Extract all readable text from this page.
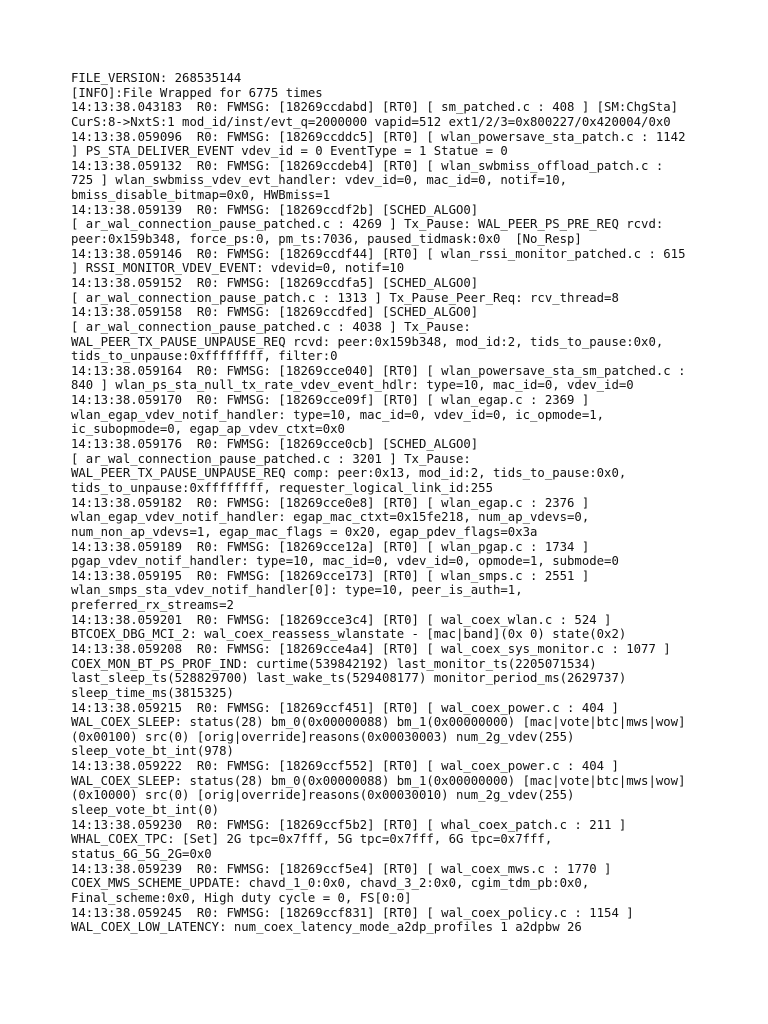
FILE_VERSION: 268535144
[INFO]:File Wrapped for 6775 times
14:13:38.043183  R0: FWMSG: [18269ccdabd] [RT0] [ sm_patched.c : 408 ] [SM:ChgSta]
CurS:8->NxtS:1 mod_id/inst/evt_q=2000000 vapid=512 ext1/2/3=0x800227/0x420004/0x0
14:13:38.059096  R0: FWMSG: [18269ccddc5] [RT0] [ wlan_powersave_sta_patch.c : 1142
] PS_STA_DELIVER_EVENT vdev_id = 0 EventType = 1 Statue = 0
14:13:38.059132  R0: FWMSG: [18269ccdeb4] [RT0] [ wlan_swbmiss_offload_patch.c :
725 ] wlan_swbmiss_vdev_evt_handler: vdev_id=0, mac_id=0, notif=10,
bmiss_disable_bitmap=0x0, HWBmiss=1
14:13:38.059139  R0: FWMSG: [18269ccdf2b] [SCHED_ALGO0]
[ ar_wal_connection_pause_patched.c : 4269 ] Tx_Pause: WAL_PEER_PS_PRE_REQ rcvd:
peer:0x159b348, force_ps:0, pm_ts:7036, paused_tidmask:0x0  [No_Resp]
14:13:38.059146  R0: FWMSG: [18269ccdf44] [RT0] [ wlan_rssi_monitor_patched.c : 615
] RSSI_MONITOR_VDEV_EVENT: vdevid=0, notif=10
14:13:38.059152  R0: FWMSG: [18269ccdfa5] [SCHED_ALGO0]
[ ar_wal_connection_pause_patch.c : 1313 ] Tx_Pause_Peer_Req: rcv_thread=8
14:13:38.059158  R0: FWMSG: [18269ccdfed] [SCHED_ALGO0]
[ ar_wal_connection_pause_patched.c : 4038 ] Tx_Pause:
WAL_PEER_TX_PAUSE_UNPAUSE_REQ rcvd: peer:0x159b348, mod_id:2, tids_to_pause:0x0,
tids_to_unpause:0xffffffff, filter:0
14:13:38.059164  R0: FWMSG: [18269cce040] [RT0] [ wlan_powersave_sta_sm_patched.c :
840 ] wlan_ps_sta_null_tx_rate_vdev_event_hdlr: type=10, mac_id=0, vdev_id=0
14:13:38.059170  R0: FWMSG: [18269cce09f] [RT0] [ wlan_egap.c : 2369 ]
wlan_egap_vdev_notif_handler: type=10, mac_id=0, vdev_id=0, ic_opmode=1,
ic_subopmode=0, egap_ap_vdev_ctxt=0x0
14:13:38.059176  R0: FWMSG: [18269cce0cb] [SCHED_ALGO0]
[ ar_wal_connection_pause_patched.c : 3201 ] Tx_Pause:
WAL_PEER_TX_PAUSE_UNPAUSE_REQ comp: peer:0x13, mod_id:2, tids_to_pause:0x0,
tids_to_unpause:0xffffffff, requester_logical_link_id:255
14:13:38.059182  R0: FWMSG: [18269cce0e8] [RT0] [ wlan_egap.c : 2376 ]
wlan_egap_vdev_notif_handler: egap_mac_ctxt=0x15fe218, num_ap_vdevs=0,
num_non_ap_vdevs=1, egap_mac_flags = 0x20, egap_pdev_flags=0x3a
14:13:38.059189  R0: FWMSG: [18269cce12a] [RT0] [ wlan_pgap.c : 1734 ]
pgap_vdev_notif_handler: type=10, mac_id=0, vdev_id=0, opmode=1, submode=0
14:13:38.059195  R0: FWMSG: [18269cce173] [RT0] [ wlan_smps.c : 2551 ]
wlan_smps_sta_vdev_notif_handler[0]: type=10, peer_is_auth=1,
preferred_rx_streams=2
14:13:38.059201  R0: FWMSG: [18269cce3c4] [RT0] [ wal_coex_wlan.c : 524 ]
BTCOEX_DBG_MCI_2: wal_coex_reassess_wlanstate - [mac|band](0x 0) state(0x2)
14:13:38.059208  R0: FWMSG: [18269cce4a4] [RT0] [ wal_coex_sys_monitor.c : 1077 ]
COEX_MON_BT_PS_PROF_IND: curtime(539842192) last_monitor_ts(2205071534)
last_sleep_ts(528829700) last_wake_ts(529408177) monitor_period_ms(2629737)
sleep_time_ms(3815325)
14:13:38.059215  R0: FWMSG: [18269ccf451] [RT0] [ wal_coex_power.c : 404 ]
WAL_COEX_SLEEP: status(28) bm_0(0x00000088) bm_1(0x00000000) [mac|vote|btc|mws|wow]
(0x00100) src(0) [orig|override]reasons(0x00030003) num_2g_vdev(255)
sleep_vote_bt_int(978)
14:13:38.059222  R0: FWMSG: [18269ccf552] [RT0] [ wal_coex_power.c : 404 ]
WAL_COEX_SLEEP: status(28) bm_0(0x00000088) bm_1(0x00000000) [mac|vote|btc|mws|wow]
(0x10000) src(0) [orig|override]reasons(0x00030010) num_2g_vdev(255)
sleep_vote_bt_int(0)
14:13:38.059230  R0: FWMSG: [18269ccf5b2] [RT0] [ whal_coex_patch.c : 211 ]
WHAL_COEX_TPC: [Set] 2G tpc=0x7fff, 5G tpc=0x7fff, 6G tpc=0x7fff,
status_6G_5G_2G=0x0
14:13:38.059239  R0: FWMSG: [18269ccf5e4] [RT0] [ wal_coex_mws.c : 1770 ]
COEX_MWS_SCHEME_UPDATE: chavd_1_0:0x0, chavd_3_2:0x0, cgim_tdm_pb:0x0,
Final_scheme:0x0, High duty cycle = 0, FS[0:0]
14:13:38.059245  R0: FWMSG: [18269ccf831] [RT0] [ wal_coex_policy.c : 1154 ]
WAL_COEX_LOW_LATENCY: num_coex_latency_mode_a2dp_profiles 1 a2dpbw 26
